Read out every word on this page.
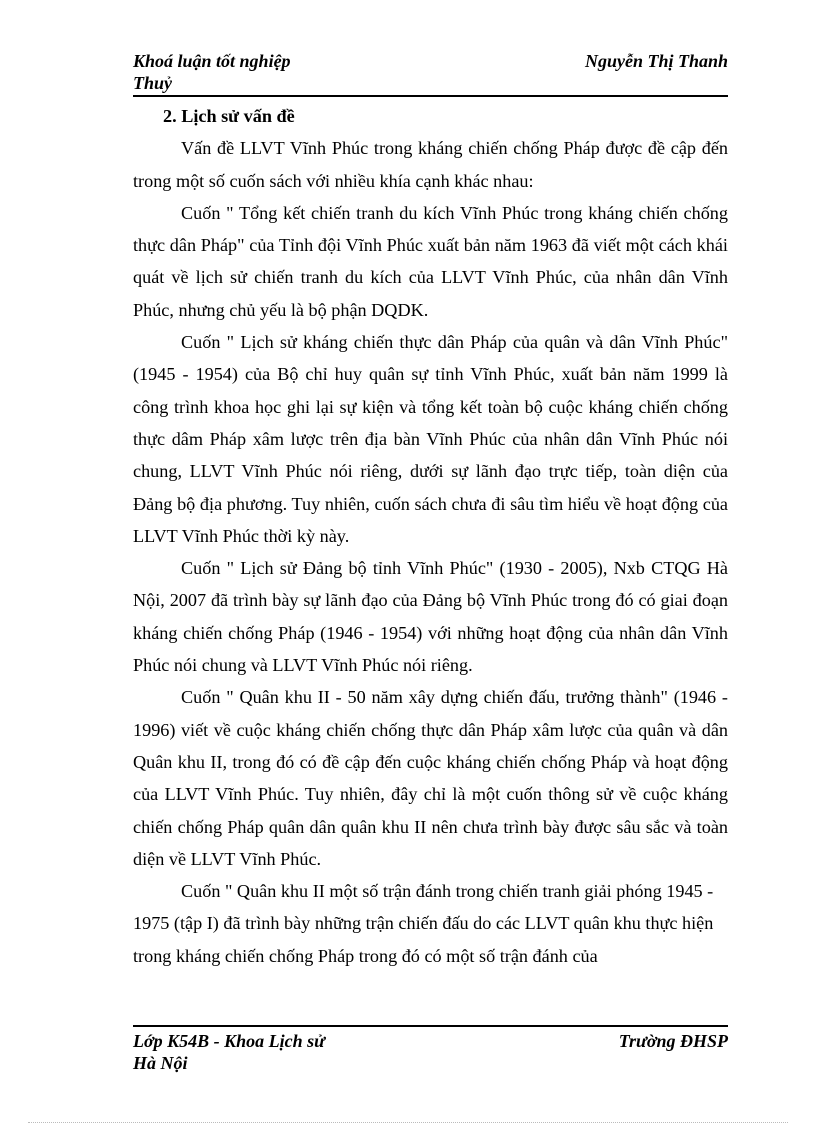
Khoá luận tốt nghiệp	Nguyễn Thị Thanh
Thuỷ

2. Lịch sử vấn đề

Vấn đề LLVT Vĩnh Phúc trong kháng chiến chống Pháp được đề cập đến trong một số cuốn sách với nhiều khía cạnh khác nhau:

Cuốn " Tổng kết chiến tranh du kích Vĩnh Phúc trong kháng chiến chống thực dân Pháp" của Tỉnh đội Vĩnh Phúc xuất bản năm 1963 đã viết một cách khái quát về lịch sử chiến tranh du kích của LLVT Vĩnh Phúc, của nhân dân Vĩnh Phúc, nhưng chủ yếu là bộ phận DQDK.

Cuốn " Lịch sử kháng chiến thực dân Pháp của quân và dân Vĩnh Phúc" (1945 - 1954) của Bộ chỉ huy quân sự tỉnh Vĩnh Phúc, xuất bản năm 1999 là công trình khoa học ghi lại sự kiện và tổng kết toàn bộ cuộc kháng chiến chống thực dâm Pháp xâm lược trên địa bàn Vĩnh Phúc của nhân dân Vĩnh Phúc nói chung, LLVT Vĩnh Phúc nói riêng, dưới sự lãnh đạo trực tiếp, toàn diện của Đảng bộ địa phương. Tuy nhiên, cuốn sách chưa đi sâu tìm hiểu về hoạt động của LLVT Vĩnh Phúc thời kỳ này.

Cuốn " Lịch sử Đảng bộ tỉnh Vĩnh Phúc" (1930 - 2005), Nxb CTQG Hà Nội, 2007 đã trình bày sự lãnh đạo của Đảng bộ Vĩnh Phúc trong đó có giai đoạn kháng chiến chống Pháp (1946 - 1954) với những hoạt động của nhân dân Vĩnh Phúc nói chung và LLVT Vĩnh Phúc nói riêng.

Cuốn " Quân khu II - 50 năm xây dựng chiến đấu, trưởng thành" (1946 - 1996) viết về cuộc kháng chiến chống thực dân Pháp xâm lược của quân và dân Quân khu II, trong đó có đề cập đến cuộc kháng chiến chống Pháp và hoạt động của LLVT Vĩnh Phúc. Tuy nhiên, đây chỉ là một cuốn thông sử về cuộc kháng chiến chống Pháp quân dân quân khu II nên chưa trình bày được sâu sắc và toàn diện về LLVT Vĩnh Phúc.

Cuốn " Quân khu II một số trận đánh trong chiến tranh giải phóng 1945 - 1975 (tập I) đã trình bày những trận chiến đấu do các LLVT quân khu thực hiện trong kháng chiến chống Pháp trong đó có một số trận đánh của

Lớp K54B - Khoa Lịch sử	Trường ĐHSP
Hà Nội
